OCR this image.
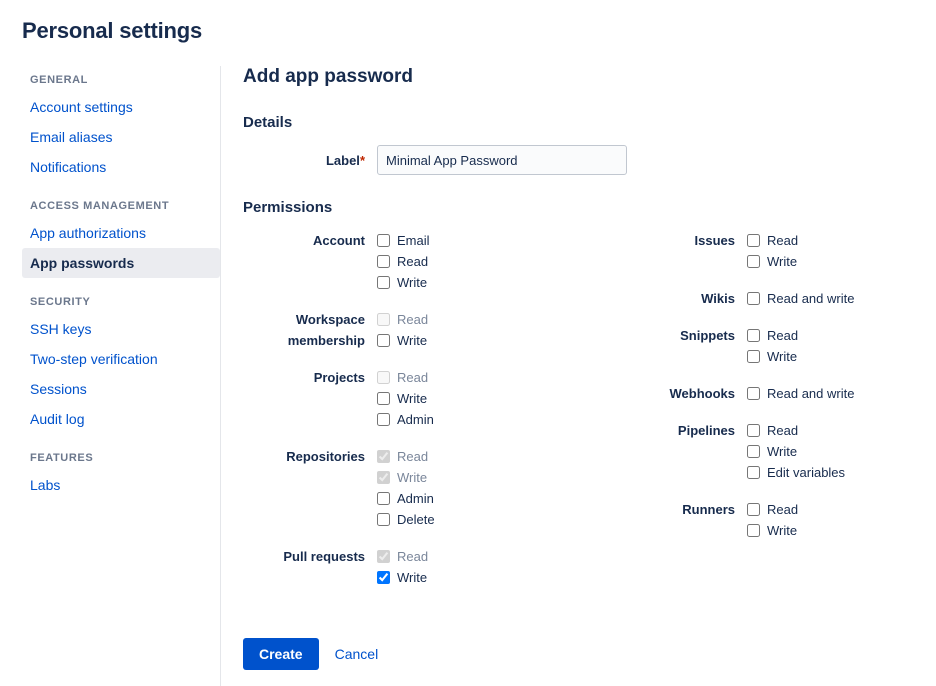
Personal settings
GENERAL
Account settings
Email aliases
Notifications
ACCESS MANAGEMENT
App authorizations
App passwords
SECURITY
SSH keys
Two-step verification
Sessions
Audit log
FEATURES
Labs
Add app password
Details
Label*
Minimal App Password
Permissions
Account Email
Read
Write
Workspace
membership
Read
Write
Projects Read
Write
Admin
Repositories Read
Write
Admin
Delete
Pull requests Read
Write
Issues Read
Write
Wikis Read and write
Snippets Read
Write
Webhooks Read and write
Pipelines Read
Write
Edit variables
Runners Read
Write
Create	Cancel
